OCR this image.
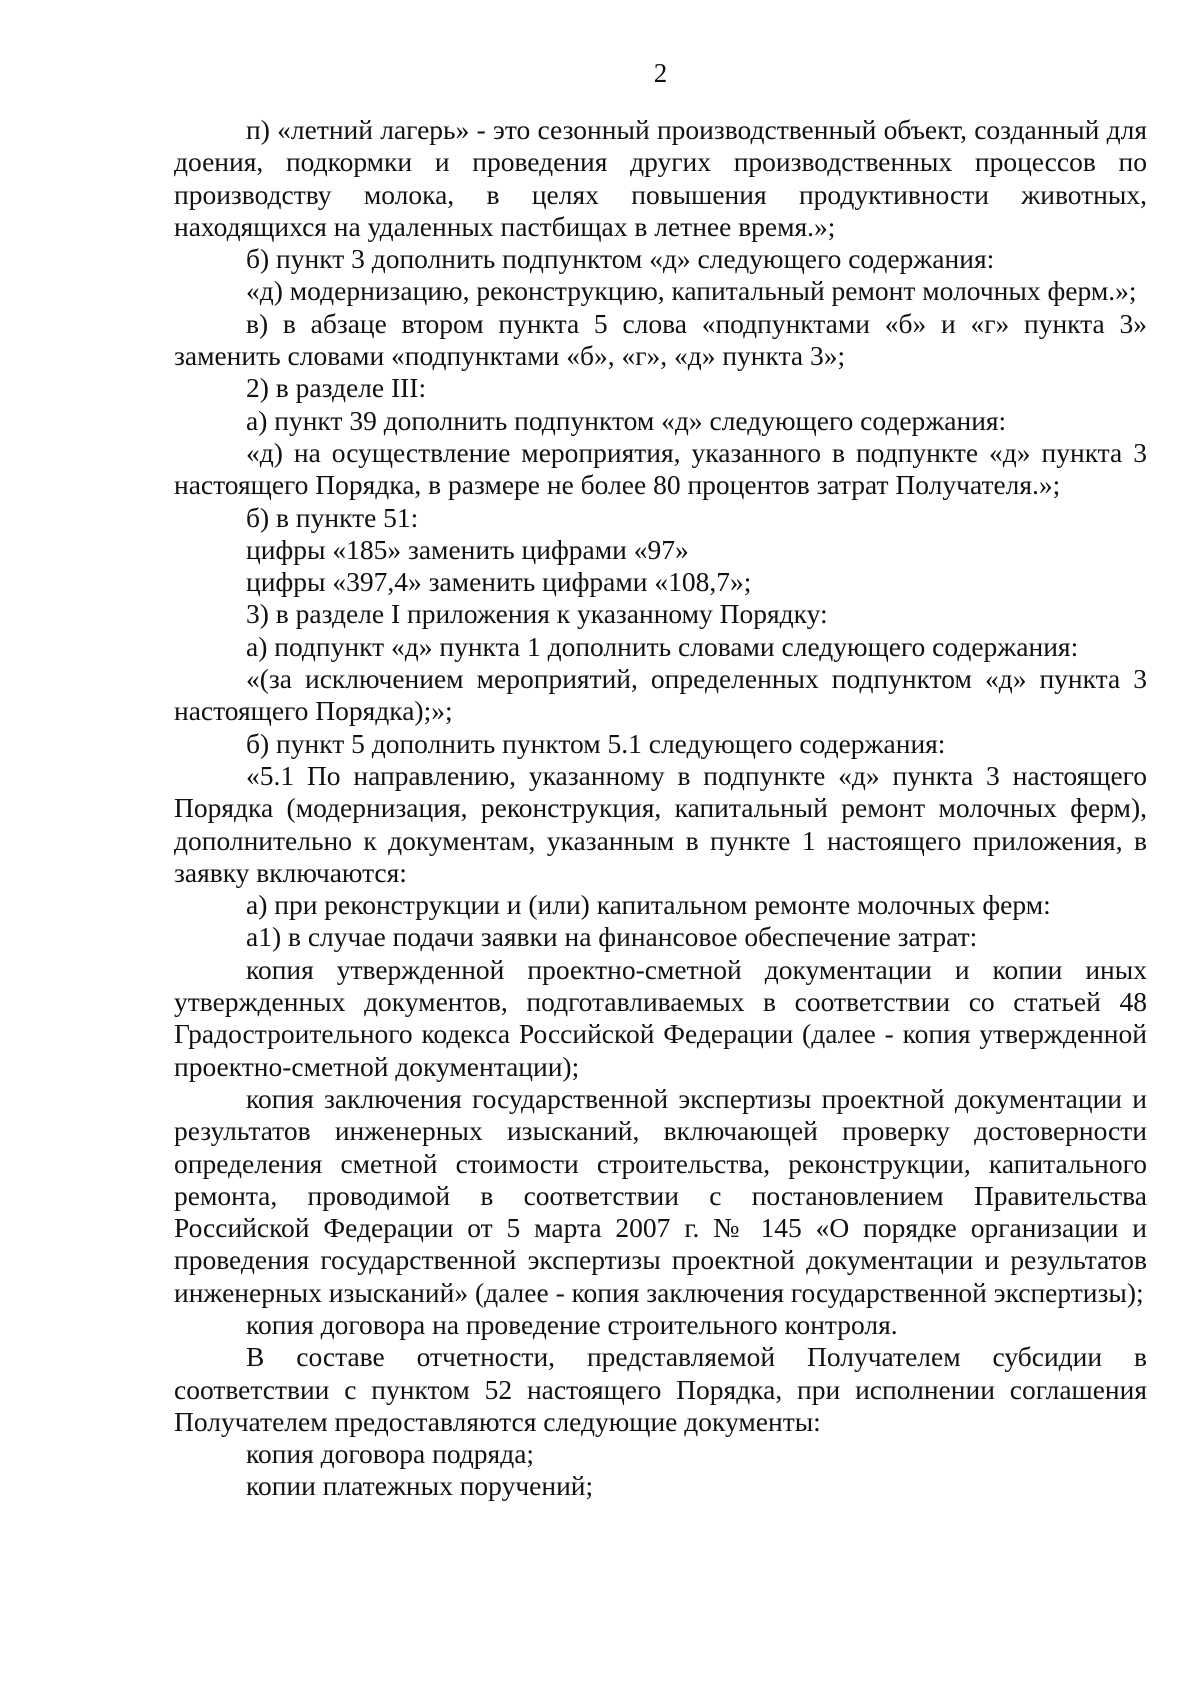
2

п) «летний лагерь» - это сезонный производственный объект, созданный для доения, подкормки и проведения других производственных процессов по производству молока, в целях повышения продуктивности животных, находящихся на удаленных пастбищах в летнее время.»;

б) пункт 3 дополнить подпунктом «д» следующего содержания:

«д) модернизацию, реконструкцию, капитальный ремонт молочных ферм.»;

в) в абзаце втором пункта 5 слова «подпунктами «б» и «г» пункта 3» заменить словами «подпунктами «б», «г», «д» пункта 3»;

2) в разделе III:

а) пункт 39 дополнить подпунктом «д» следующего содержания:

«д) на осуществление мероприятия, указанного в подпункте «д» пункта 3 настоящего Порядка, в размере не более 80 процентов затрат Получателя.»;

б) в пункте 51:

цифры «185» заменить цифрами «97»

цифры «397,4» заменить цифрами «108,7»;

3) в разделе I приложения к указанному Порядку:

а) подпункт «д» пункта 1 дополнить словами следующего содержания:

«(за исключением мероприятий, определенных подпунктом «д» пункта 3 настоящего Порядка);»;

б) пункт 5 дополнить пунктом 5.1 следующего содержания:

«5.1 По направлению, указанному в подпункте «д» пункта 3 настоящего Порядка (модернизация, реконструкция, капитальный ремонт молочных ферм), дополнительно к документам, указанным в пункте 1 настоящего приложения, в заявку включаются:

а) при реконструкции и (или) капитальном ремонте молочных ферм:

а1) в случае подачи заявки на финансовое обеспечение затрат:

копия утвержденной проектно-сметной документации и копии иных утвержденных документов, подготавливаемых в соответствии со статьей 48 Градостроительного кодекса Российской Федерации (далее - копия утвержденной проектно-сметной документации);

копия заключения государственной экспертизы проектной документации и результатов инженерных изысканий, включающей проверку достоверности определения сметной стоимости строительства, реконструкции, капитального ремонта, проводимой в соответствии с постановлением Правительства Российской Федерации от 5 марта 2007 г. № 145 «О порядке организации и проведения государственной экспертизы проектной документации и результатов инженерных изысканий» (далее - копия заключения государственной экспертизы);

копия договора на проведение строительного контроля.

В составе отчетности, представляемой Получателем субсидии в соответствии с пунктом 52 настоящего Порядка, при исполнении соглашения Получателем предоставляются следующие документы:

копия договора подряда;

копии платежных поручений;
